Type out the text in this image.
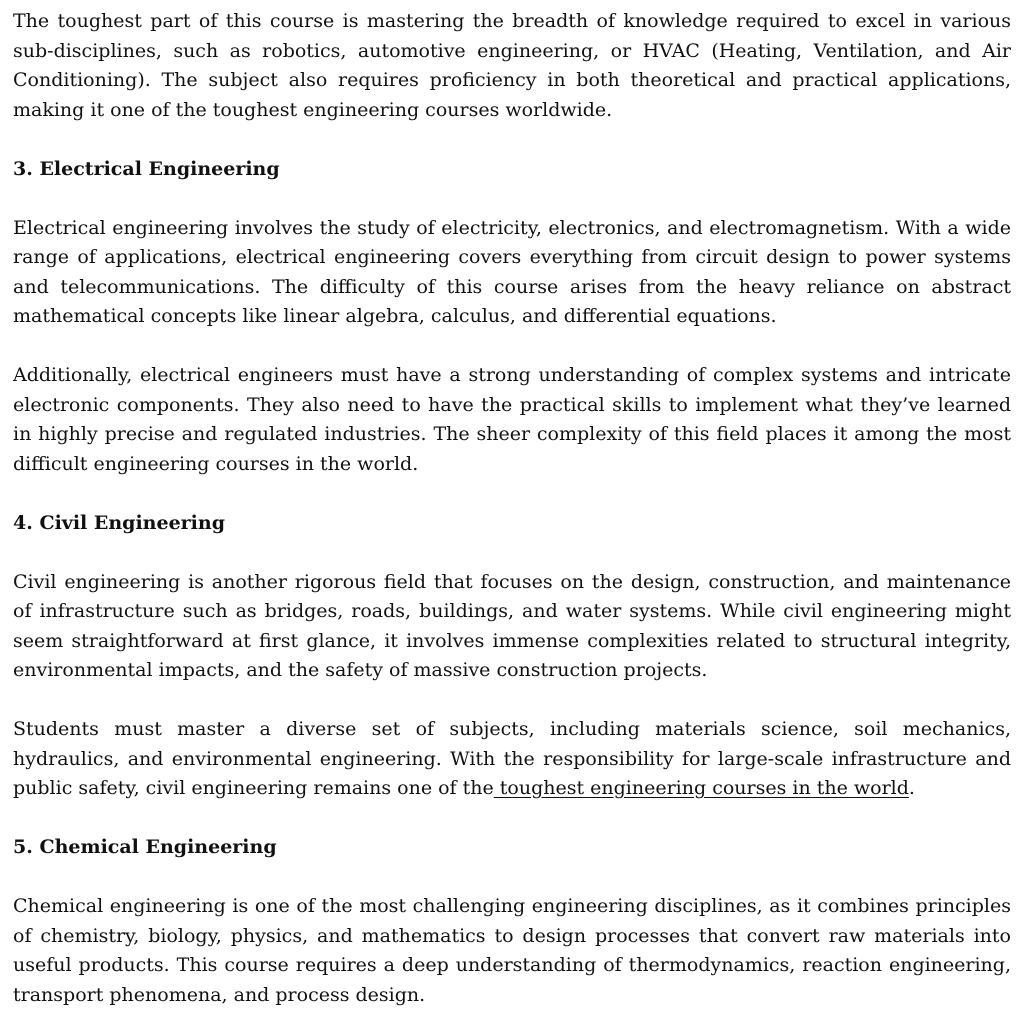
The toughest part of this course is mastering the breadth of knowledge required to excel in various sub-disciplines, such as robotics, automotive engineering, or HVAC (Heating, Ventilation, and Air Conditioning). The subject also requires proficiency in both theoretical and practical applications, making it one of the toughest engineering courses worldwide.

3. Electrical Engineering

Electrical engineering involves the study of electricity, electronics, and electromagnetism. With a wide range of applications, electrical engineering covers everything from circuit design to power systems and telecommunications. The difficulty of this course arises from the heavy reliance on abstract mathematical concepts like linear algebra, calculus, and differential equations.

Additionally, electrical engineers must have a strong understanding of complex systems and intricate electronic components. They also need to have the practical skills to implement what they’ve learned in highly precise and regulated industries. The sheer complexity of this field places it among the most difficult engineering courses in the world.

4. Civil Engineering

Civil engineering is another rigorous field that focuses on the design, construction, and maintenance of infrastructure such as bridges, roads, buildings, and water systems. While civil engineering might seem straightforward at first glance, it involves immense complexities related to structural integrity, environmental impacts, and the safety of massive construction projects.

Students must master a diverse set of subjects, including materials science, soil mechanics, hydraulics, and environmental engineering. With the responsibility for large-scale infrastructure and public safety, civil engineering remains one of the toughest engineering courses in the world.

5. Chemical Engineering

Chemical engineering is one of the most challenging engineering disciplines, as it combines principles of chemistry, biology, physics, and mathematics to design processes that convert raw materials into useful products. This course requires a deep understanding of thermodynamics, reaction engineering, transport phenomena, and process design.
